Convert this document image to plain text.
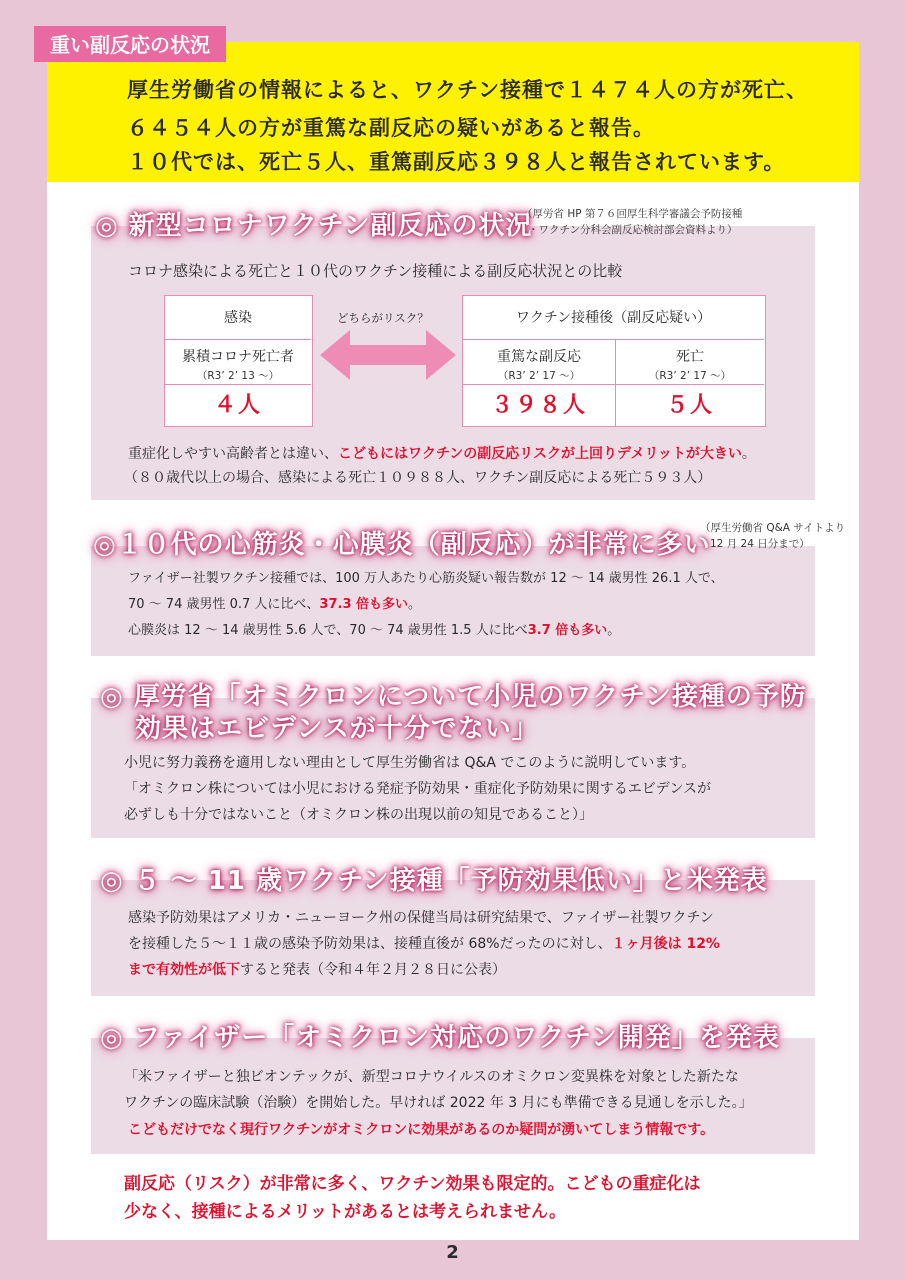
厚生労働省の情報によると、ワクチン接種で１４７４人の方が死亡、

６４５４人の方が重篤な副反応の疑いがあると報告。

１０代では、死亡５人、重篤副反応３９８人と報告されています。

重い副反応の状況
◎ 新型コロナワクチン副反応の状況
（厚労省 HP 第７６回厚生科学審議会予防接種
・ワクチン分科会副反応検討部会資料より）
コロナ感染による死亡と１０代のワクチン接種による副反応状況との比較
感染
累積コロナ死亡者
（R3’ 2’ 13 〜）
４人
どちらがリスク？	ワクチン接種後（副反応疑い）
重篤な副反応
（R3’ 2’ 17 〜）
死亡
（R3’ 2’ 17 〜）
３９８人	５人
重症化しやすい高齢者とは違い、こどもにはワクチンの副反応リスクが上回りデメリットが大きい。
（８０歳代以上の場合、感染による死亡１０９８８人、ワクチン副反応による死亡５９３人）
◎１０代の心筋炎・心膜炎（副反応）が非常に多い
（厚生労働省 Q&A サイトより
12 月 24 日分まで）
ファイザー社製ワクチン接種では、100 万人あたり心筋炎疑い報告数が 12 〜 14 歳男性 26.1 人で、
70 〜 74 歳男性 0.7 人に比べ、37.3 倍も多い。
心膜炎は 12 〜 14 歳男性 5.6 人で、70 〜 74 歳男性 1.5 人に比べ3.7 倍も多い。
◎ 厚労省「オミクロンについて小児のワクチン接種の予防
効果はエビデンスが十分でない」
小児に努力義務を適用しない理由として厚生労働省は Q&A でこのように説明しています。
「オミクロン株については小児における発症予防効果・重症化予防効果に関するエビデンスが
必ずしも十分ではないこと（オミクロン株の出現以前の知見であること）」
◎ ５ 〜 11 歳ワクチン接種「予防効果低い」と米発表
感染予防効果はアメリカ・ニューヨーク州の保健当局は研究結果で、ファイザー社製ワクチン
を接種した５〜１１歳の感染予防効果は、接種直後が 68%だったのに対し、１ヶ月後は 12%
まで有効性が低下すると発表（令和４年２月２８日に公表）
◎ ファイザー「オミクロン対応のワクチン開発」を発表
「米ファイザーと独ビオンテックが、新型コロナウイルスのオミクロン変異株を対象とした新たな
ワクチンの臨床試験（治験）を開始した。早ければ 2022 年 3 月にも準備できる見通しを示した。」
こどもだけでなく現行ワクチンがオミクロンに効果があるのか疑問が湧いてしまう情報です。
副反応（リスク）が非常に多く、ワクチン効果も限定的。こどもの重症化は
少なく、接種によるメリットがあるとは考えられません。
2
